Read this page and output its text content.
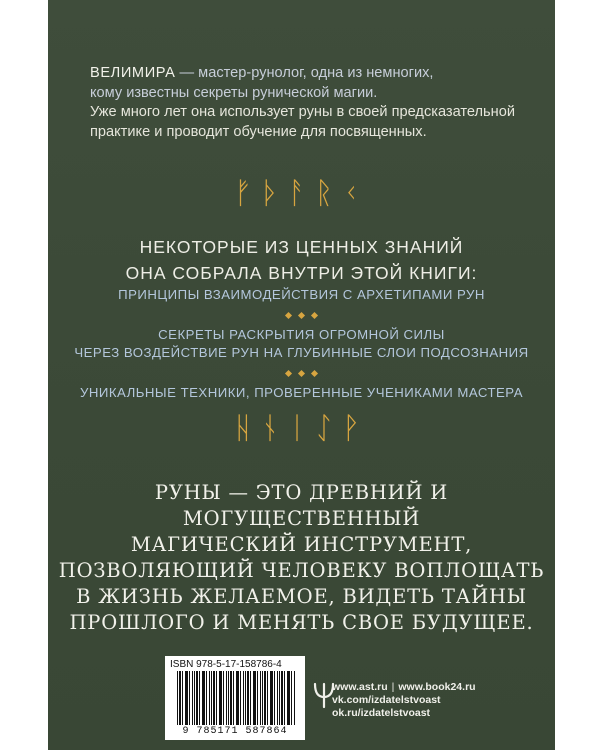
ВЕЛИМИРА — мастер-рунолог, одна из немногих,
кому известны секреты рунической магии.
Уже много лет она использует руны в своей предсказательной
практике и проводит обучение для посвященных.
ᚠᚦᚨᚱᚲ
НЕКОТОРЫЕ ИЗ ЦЕННЫХ ЗНАНИЙ
ОНА СОБРАЛА ВНУТРИ ЭТОЙ КНИГИ:
ПРИНЦИПЫ ВЗАИМОДЕЙСТВИЯ С АРХЕТИПАМИ РУН
СЕКРЕТЫ РАСКРЫТИЯ ОГРОМНОЙ СИЛЫ
ЧЕРЕЗ ВОЗДЕЙСТВИЕ РУН НА ГЛУБИННЫЕ СЛОИ ПОДСОЗНАНИЯ
УНИКАЛЬНЫЕ ТЕХНИКИ, ПРОВЕРЕННЫЕ УЧЕНИКАМИ МАСТЕРА
ᚺᚾᛁᛇᚹ
РУНЫ — ЭТО ДРЕВНИЙ И МОГУЩЕСТВЕННЫЙ
МАГИЧЕСКИЙ ИНСТРУМЕНТ,
ПОЗВОЛЯЮЩИЙ ЧЕЛОВЕКУ ВОПЛОЩАТЬ
В ЖИЗНЬ ЖЕЛАЕМОЕ, ВИДЕТЬ ТАЙНЫ
ПРОШЛОГО И МЕНЯТЬ СВОЕ БУДУЩЕЕ.
ISBN 978-5-17-158786-4
9 785171 587864
www.ast.ru | www.book24.ru
vk.com/izdatelstvoast
ok.ru/izdatelstvoast
